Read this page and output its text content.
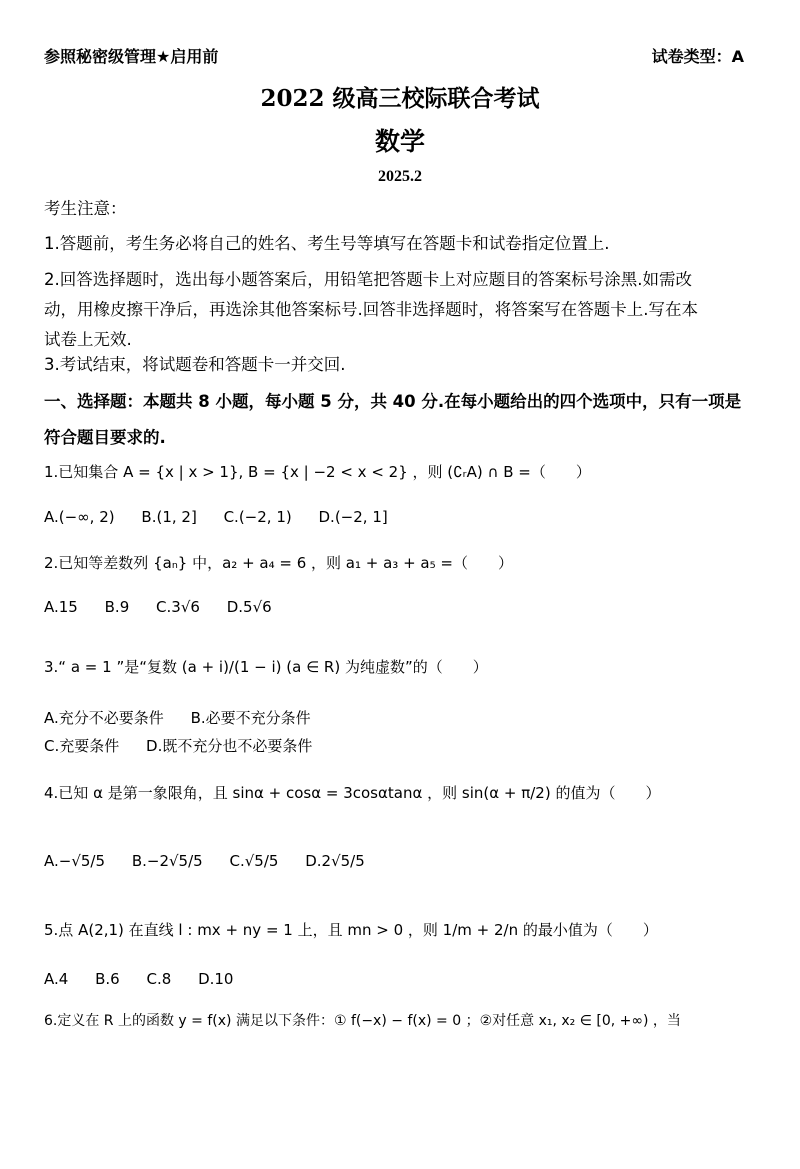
参照秘密级管理★启用前	试卷类型：A
2022 级高三校际联合考试
数学
2025.2
考生注意：
1.答题前，考生务必将自己的姓名、考生号等填写在答题卡和试卷指定位置上.
2.回答选择题时，选出每小题答案后，用铅笔把答题卡上对应题目的答案标号涂黑.如需改
动，用橡皮擦干净后，再选涂其他答案标号.回答非选择题时，将答案写在答题卡上.写在本
试卷上无效.
3.考试结束，将试题卷和答题卡一并交回.
一、选择题：本题共 8 小题，每小题 5 分，共 40 分.在每小题给出的四个选项中，只有一项是
符合题目要求的.
1.已知集合 A = {x | x > 1}, B = {x | −2 < x < 2} ，则 (∁ᵣA) ∩ B =（　　）
A.(−∞, 2) B.(1, 2] C.(−2, 1) D.(−2, 1]
2.已知等差数列 {aₙ} 中，a₂ + a₄ = 6 ，则 a₁ + a₃ + a₅ =（　　）
A.15 B.9 C.3√6 D.5√6
3.“ a = 1 ”是“复数 (a + i)/(1 − i) (a ∈ R) 为纯虚数”的（　　）
A.充分不必要条件 B.必要不充分条件
C.充要条件 D.既不充分也不必要条件
4.已知 α 是第一象限角，且 sinα + cosα = 3cosαtanα ，则 sin(α + π/2) 的值为（　　）
A.−√5/5 B.−2√5/5 C.√5/5 D.2√5/5
5.点 A(2,1) 在直线 l : mx + ny = 1 上，且 mn > 0 ，则 1/m + 2/n 的最小值为（　　）
A.4 B.6 C.8 D.10
6.定义在 R 上的函数 y = f(x) 满足以下条件：① f(−x) − f(x) = 0 ；②对任意 x₁, x₂ ∈ [0, +∞) ，当
